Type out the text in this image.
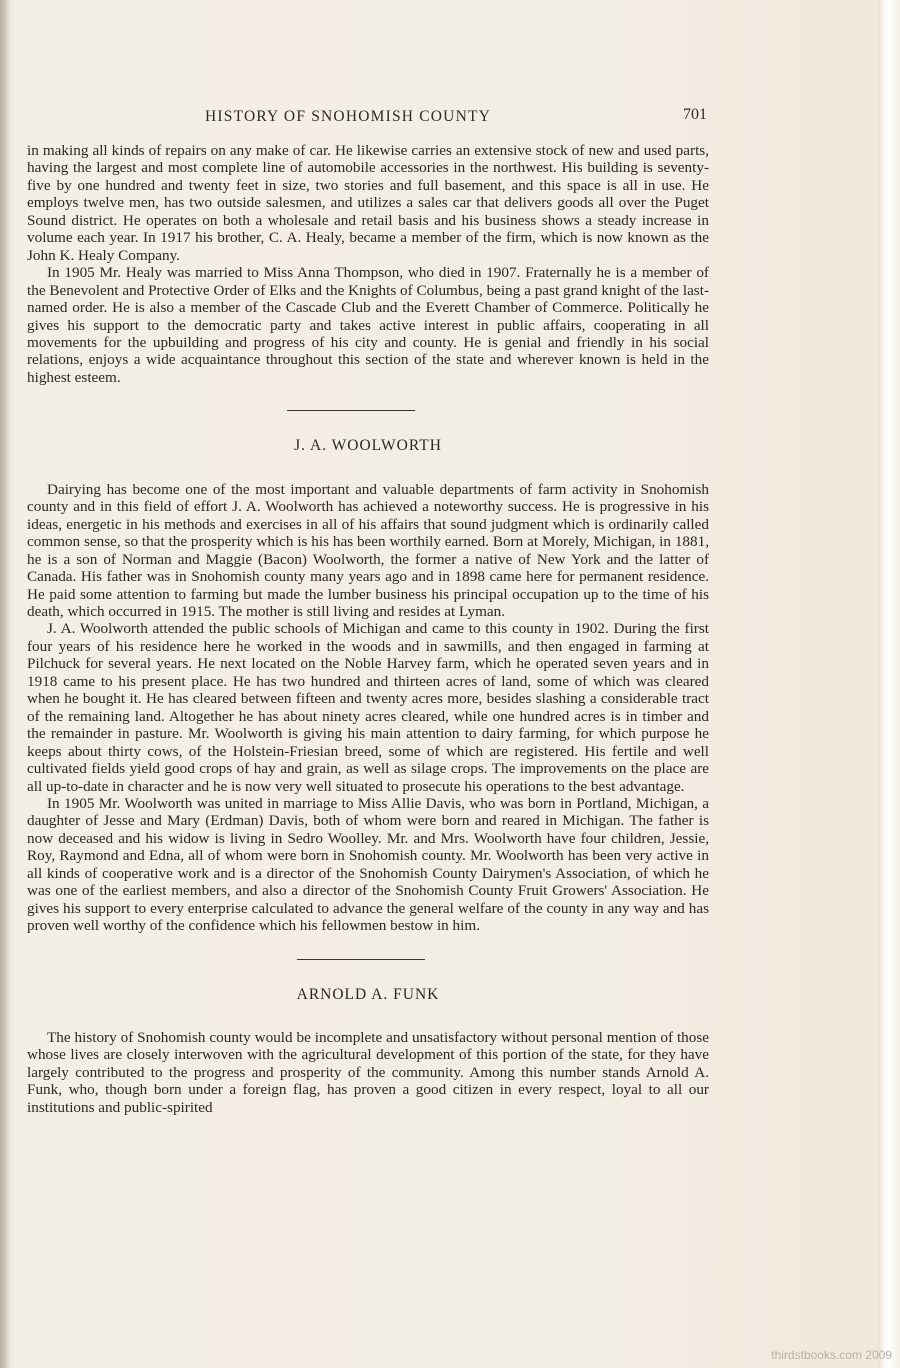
HISTORY OF SNOHOMISH COUNTY	701

in making all kinds of repairs on any make of car. He likewise carries an extensive stock of new and used parts, having the largest and most complete line of automobile accessories in the northwest. His building is seventy-five by one hundred and twenty feet in size, two stories and full basement, and this space is all in use. He employs twelve men, has two outside salesmen, and utilizes a sales car that delivers goods all over the Puget Sound district. He operates on both a wholesale and retail basis and his business shows a steady increase in volume each year. In 1917 his brother, C. A. Healy, became a member of the firm, which is now known as the John K. Healy Company.

In 1905 Mr. Healy was married to Miss Anna Thompson, who died in 1907. Fraternally he is a member of the Benevolent and Protective Order of Elks and the Knights of Columbus, being a past grand knight of the last-named order. He is also a member of the Cascade Club and the Everett Chamber of Commerce. Politically he gives his support to the democratic party and takes active interest in public affairs, cooperating in all movements for the upbuilding and progress of his city and county. He is genial and friendly in his social relations, enjoys a wide acquaintance throughout this section of the state and wherever known is held in the highest esteem.

J. A. WOOLWORTH

Dairying has become one of the most important and valuable departments of farm activity in Snohomish county and in this field of effort J. A. Woolworth has achieved a noteworthy success. He is progressive in his ideas, energetic in his methods and exercises in all of his affairs that sound judgment which is ordinarily called common sense, so that the prosperity which is his has been worthily earned. Born at Morely, Michigan, in 1881, he is a son of Norman and Maggie (Bacon) Woolworth, the former a native of New York and the latter of Canada. His father was in Snohomish county many years ago and in 1898 came here for permanent residence. He paid some attention to farming but made the lumber business his principal occupation up to the time of his death, which occurred in 1915. The mother is still living and resides at Lyman.

J. A. Woolworth attended the public schools of Michigan and came to this county in 1902. During the first four years of his residence here he worked in the woods and in sawmills, and then engaged in farming at Pilchuck for several years. He next located on the Noble Harvey farm, which he operated seven years and in 1918 came to his present place. He has two hundred and thirteen acres of land, some of which was cleared when he bought it. He has cleared between fifteen and twenty acres more, besides slashing a considerable tract of the remaining land. Altogether he has about ninety acres cleared, while one hundred acres is in timber and the remainder in pasture. Mr. Woolworth is giving his main attention to dairy farming, for which purpose he keeps about thirty cows, of the Holstein-Friesian breed, some of which are registered. His fertile and well cultivated fields yield good crops of hay and grain, as well as silage crops. The improvements on the place are all up-to-date in character and he is now very well situated to prosecute his operations to the best advantage.

In 1905 Mr. Woolworth was united in marriage to Miss Allie Davis, who was born in Portland, Michigan, a daughter of Jesse and Mary (Erdman) Davis, both of whom were born and reared in Michigan. The father is now deceased and his widow is living in Sedro Woolley. Mr. and Mrs. Woolworth have four children, Jessie, Roy, Raymond and Edna, all of whom were born in Snohomish county. Mr. Woolworth has been very active in all kinds of cooperative work and is a director of the Snohomish County Dairymen's Association, of which he was one of the earliest members, and also a director of the Snohomish County Fruit Growers' Association. He gives his support to every enterprise calculated to advance the general welfare of the county in any way and has proven well worthy of the confidence which his fellowmen bestow in him.

ARNOLD A. FUNK

The history of Snohomish county would be incomplete and unsatisfactory without personal mention of those whose lives are closely interwoven with the agricultural development of this portion of the state, for they have largely contributed to the progress and prosperity of the community. Among this number stands Arnold A. Funk, who, though born under a foreign flag, has proven a good citizen in every respect, loyal to all our institutions and public-spirited

thirdstbooks.com 2009
